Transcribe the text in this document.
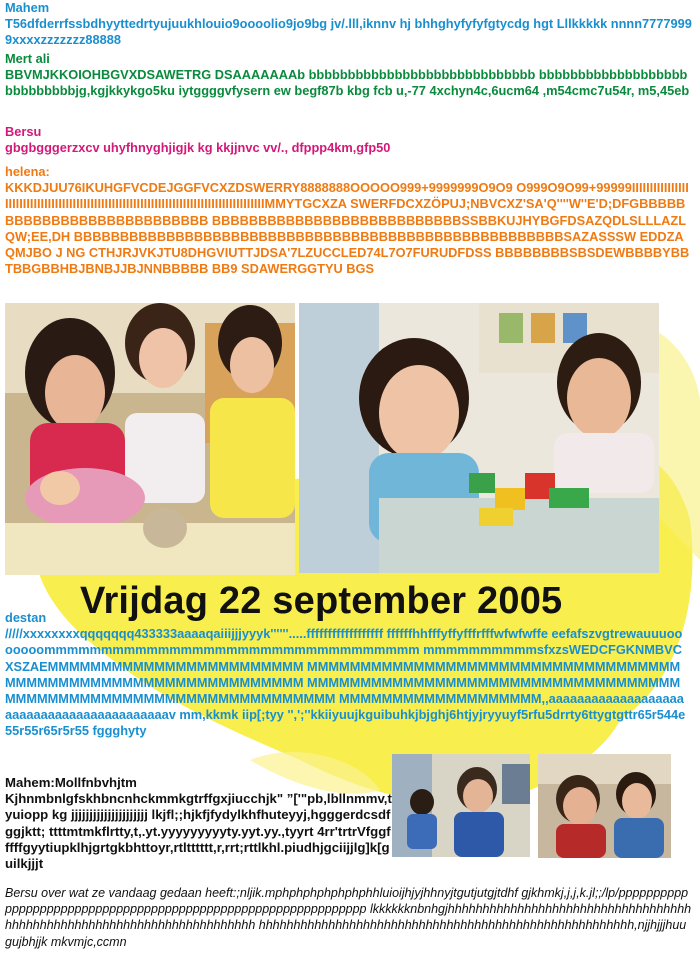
Mahem
T56dfderrfssbdhyyttedrtyujuukhlouio9oooolio9jo9bg jv/.lll,iknnv hj bhhghyfyfyfgtycdg hgt Lllkkkkk nnnn77779999xxxxzzzzzzz88888
Mert ali
BBVMJKKOIOHBGVXDSAWETRG DSAAAAAAAb bbbbbbbbbbbbbbbbbbbbbbbbbbbbb bbbbbbbbbbbbbbbbbbbbbbbbbbbbjg,kgjkkykgo5ku iytggggvfysern ew begf87b kbg fcb u,-77 4xchyn4c,6ucm64 ,m54cmc7u54r, m5,45eb
Bersu
gbgbgggerzxcv uhyfhnyghjigjk kg kkjjnvc vv/., dfppp4km,gfp50
helena:
KKKDJUU76IKUHGFVCDEJGGFVCXZDSWERRY8888888OOOOO999+9999999O9O9 O999O9O99+99999IIIIIIIIIIIIIIIIIIIIIIIIIIIIIIIIIIIIIIIIIIIIIIIIIIIIIIIIIIIIIIIIIIIIIIIIIIIIIIIIIIIIIIIIIMMYTGCXZA SWERFDCXZÖPUJ;NBVCXZ'SA'Q''''W''E'D;DFGBBBBBBBBBBBBBBBBBBBBBBBBBBB BBBBBBBBBBBBBBBBBBBBBBBBBBBSSBBKUJHYBGFDSAZQDLSLLLAZLQW;EE,DH BBBBBBBBBBBBBBBBBBBBBBBBBBBBBBBBBBBBBBBBBBBBBBBBBBBBBSAZASSSW EDDZAQMJBO J NG CTHJRJVKJTU8DHGVIUTTJDSA'7LZUCCLED74L7O7FURUDFDSS BBBBBBBBSBSDEWBBBBYBBTBBGBBHBJBNBJJBJNNBBBBB BB9 SDAWERGGTYU BGS
Vrijdag 22 september 2005
destan
/////xxxxxxxxqqqqqqq433333aaaaqaiiijjjyyyk''''''.....ffffffffffffffffff ffffffhhfffyffyfffrfffwfwfwffe eefafszvgtrewauuuooooooommmmmmmmmmmmmmmmmmmmmmmmmmmmmmmmm mmmmmmmmmmsfxzsWEDCFGKNMBVCXSZAEMMMMMMMMMMMMMMMMMMMMMMMM MMMMMMMMMMMMMMMMMMMMMMMMMMMMMMMMMMMMMMMMMMMMMMMMMMMMMMMMMMMMMMM MMMMMMMMMMMMMMMMMMMMMMMMMMMMMMMMMMMMMMMMMMMMMMMMMMMMMMMMMMMMMMMMMM MMMMMMMMMMMMMMMMMMM,,aaaaaaaaaaaaaaaaaaaaaaaaaaaaaaaaaaaaaaaaaav mm,kkmk iip[;tyy '',';''kkiiyuujkguibuhkjbjghj6htjyjryyuyf5rfu5drrty6ttygtgttr65r544e55r55r65r5r55 fggghyty
Mahem:Mollfnbvhjtm
Kjhnmbnlgfskhbncnhckmmkgtrffgxjiucchjk" ”['"pb,lbllnmmv,tyuiopp kg jjjjjjjjjjjjjjjjjjjjj lkjfl;;hjkfjfydylkhfhuteyyj,hgggerdcsdfggjktt; ttttmtmkflrtty,t,.yt.yyyyyyyyyty.yyt.yy.,tyyrt 4rr'trtrVfggfffffgyytiupklhjgrtgkbhttoyr,rtltttttt,r,rrt;rttlkhl.piudhjgciijjlg]k[guilkjjjt
Bersu over wat ze vandaag gedaan heeft:;nljik.mphphphphphphphhluioijhjyjhhnyjtgutjutgjtdhf gjkhmkj,j,j,k.jl;;/lp/pppppppppppppppppppppppppppppppppppppppppppppppppppppppppppppp lkkkkkknbnhgjhhhhhhhhhhhhhhhhhhhhhhhhhhhhhhhhhhhhhhhhhhhhhhhhhhhhhhhhhhhhhhhhhhhhhhh hhhhhhhhhhhhhhhhhhhhhhhhhhhhhhhhhhhhhhhhhhhhhhhhhhhhhh,njjhjjjhuugujbhjjk mkvmjc,ccmn
